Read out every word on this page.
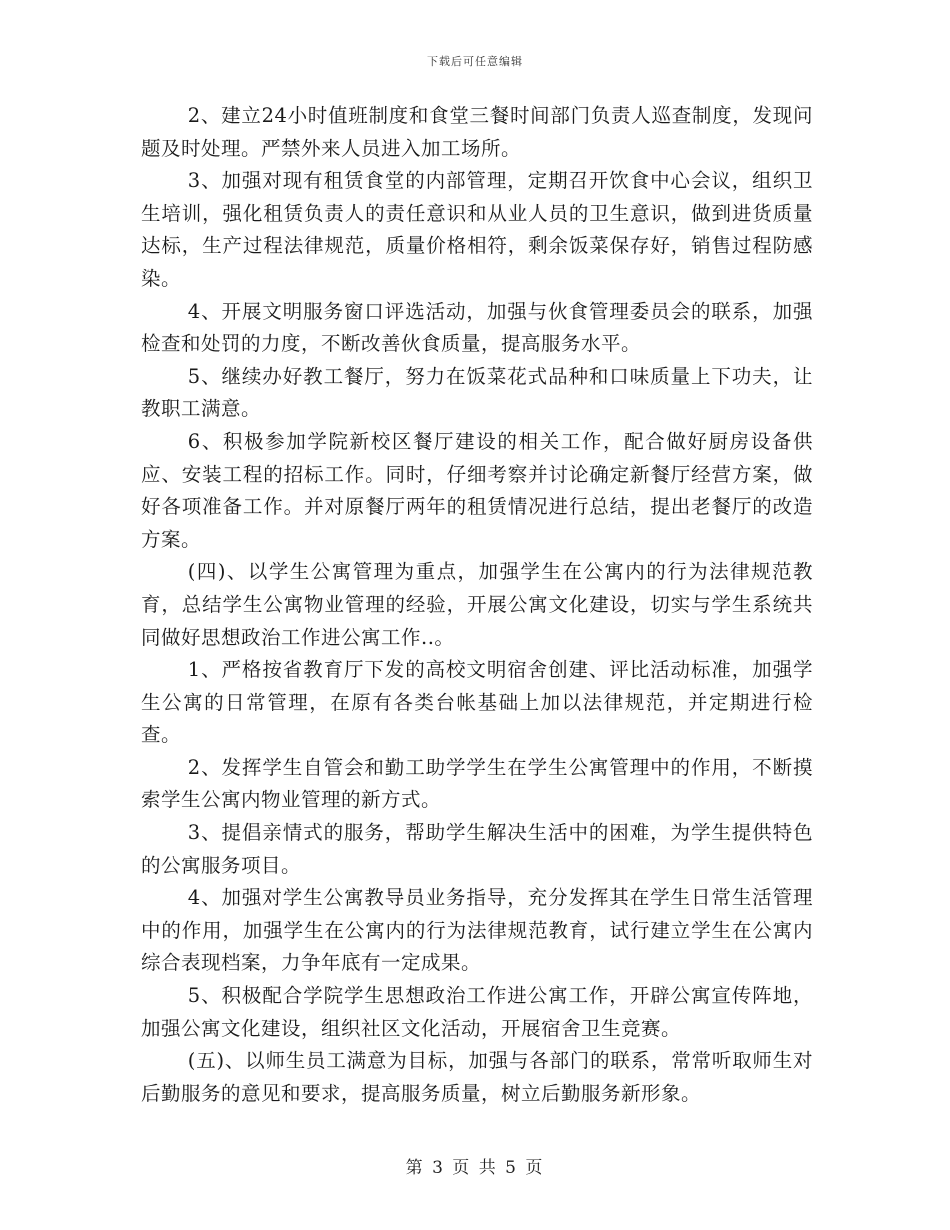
下载后可任意编辑

2、建立24小时值班制度和食堂三餐时间部门负责人巡查制度，发现问题及时处理。严禁外来人员进入加工场所。

3、加强对现有租赁食堂的内部管理，定期召开饮食中心会议，组织卫生培训，强化租赁负责人的责任意识和从业人员的卫生意识，做到进货质量达标，生产过程法律规范，质量价格相符，剩余饭菜保存好，销售过程防感染。

4、开展文明服务窗口评选活动，加强与伙食管理委员会的联系，加强检查和处罚的力度，不断改善伙食质量，提高服务水平。

5、继续办好教工餐厅，努力在饭菜花式品种和口味质量上下功夫，让教职工满意。

6、积极参加学院新校区餐厅建设的相关工作，配合做好厨房设备供应、安装工程的招标工作。同时，仔细考察并讨论确定新餐厅经营方案，做好各项准备工作。并对原餐厅两年的租赁情况进行总结，提出老餐厅的改造方案。

(四)、以学生公寓管理为重点，加强学生在公寓内的行为法律规范教育，总结学生公寓物业管理的经验，开展公寓文化建设，切实与学生系统共同做好思想政治工作进公寓工作..。

1、严格按省教育厅下发的高校文明宿舍创建、评比活动标准，加强学生公寓的日常管理，在原有各类台帐基础上加以法律规范，并定期进行检查。

2、发挥学生自管会和勤工助学学生在学生公寓管理中的作用，不断摸索学生公寓内物业管理的新方式。

3、提倡亲情式的服务，帮助学生解决生活中的困难，为学生提供特色的公寓服务项目。

4、加强对学生公寓教导员业务指导，充分发挥其在学生日常生活管理中的作用，加强学生在公寓内的行为法律规范教育，试行建立学生在公寓内综合表现档案，力争年底有一定成果。

5、积极配合学院学生思想政治工作进公寓工作，开辟公寓宣传阵地，加强公寓文化建设，组织社区文化活动，开展宿舍卫生竞赛。

(五)、以师生员工满意为目标，加强与各部门的联系，常常听取师生对后勤服务的意见和要求，提高服务质量，树立后勤服务新形象。

第 3 页 共 5 页
